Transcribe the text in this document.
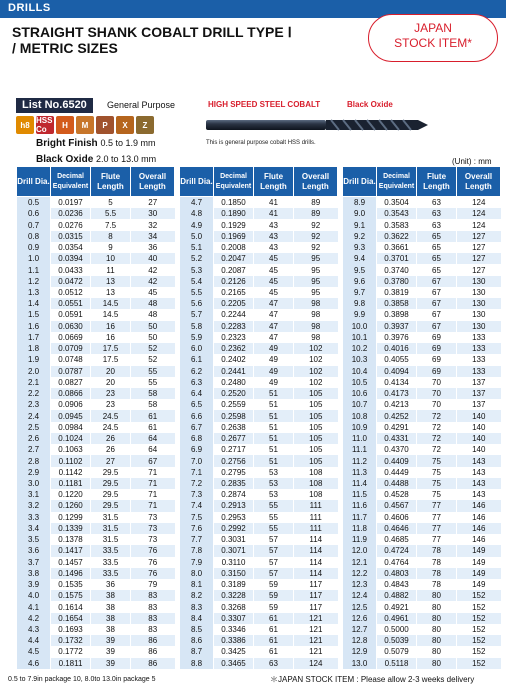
DRILLS
STRAIGHT SHANK COBALT DRILL TYPE Ⅰ
/ METRIC SIZES
JAPAN
STOCK ITEM*
List No.6520	General Purpose
h8 HSS Co	H	M	P	X	Z
Bright Finish 0.5 to 1.9 mm
Black Oxide 2.0 to 13.0 mm
HIGH SPEED STEEL COBALT	Black Oxide
This is general purpose cobalt HSS drills.
(Unit) : mm
Drill Dia.	Decimal Equivalent	Flute Length	Overall Length
0.5	0.0197	5	27
0.6	0.0236	5.5	30
0.7	0.0276	7.5	32
0.8	0.0315	8	34
0.9	0.0354	9	36
1.0	0.0394	10	40
1.1	0.0433	11	42
1.2	0.0472	13	42
1.3	0.0512	13	45
1.4	0.0551	14.5	48
1.5	0.0591	14.5	48
1.6	0.0630	16	50
1.7	0.0669	16	50
1.8	0.0709	17.5	52
1.9	0.0748	17.5	52
2.0	0.0787	20	55
2.1	0.0827	20	55
2.2	0.0866	23	58
2.3	0.0906	23	58
2.4	0.0945	24.5	61
2.5	0.0984	24.5	61
2.6	0.1024	26	64
2.7	0.1063	26	64
2.8	0.1102	27	67
2.9	0.1142	29.5	71
3.0	0.1181	29.5	71
3.1	0.1220	29.5	71
3.2	0.1260	29.5	71
3.3	0.1299	31.5	73
3.4	0.1339	31.5	73
3.5	0.1378	31.5	73
3.6	0.1417	33.5	76
3.7	0.1457	33.5	76
3.8	0.1496	33.5	76
3.9	0.1535	36	79
4.0	0.1575	38	83
4.1	0.1614	38	83
4.2	0.1654	38	83
4.3	0.1693	38	83
4.4	0.1732	39	86
4.5	0.1772	39	86
4.6	0.1811	39	86
Drill Dia.	Decimal Equivalent	Flute Length	Overall Length
4.7	0.1850	41	89
4.8	0.1890	41	89
4.9	0.1929	43	92
5.0	0.1969	43	92
5.1	0.2008	43	92
5.2	0.2047	45	95
5.3	0.2087	45	95
5.4	0.2126	45	95
5.5	0.2165	45	95
5.6	0.2205	47	98
5.7	0.2244	47	98
5.8	0.2283	47	98
5.9	0.2323	47	98
6.0	0.2362	49	102
6.1	0.2402	49	102
6.2	0.2441	49	102
6.3	0.2480	49	102
6.4	0.2520	51	105
6.5	0.2559	51	105
6.6	0.2598	51	105
6.7	0.2638	51	105
6.8	0.2677	51	105
6.9	0.2717	51	105
7.0	0.2756	51	105
7.1	0.2795	53	108
7.2	0.2835	53	108
7.3	0.2874	53	108
7.4	0.2913	55	111
7.5	0.2953	55	111
7.6	0.2992	55	111
7.7	0.3031	57	114
7.8	0.3071	57	114
7.9	0.3110	57	114
8.0	0.3150	57	114
8.1	0.3189	59	117
8.2	0.3228	59	117
8.3	0.3268	59	117
8.4	0.3307	61	121
8.5	0.3346	61	121
8.6	0.3386	61	121
8.7	0.3425	61	121
8.8	0.3465	63	124
Drill Dia.	Decimal Equivalent	Flute Length	Overall Length
8.9	0.3504	63	124
9.0	0.3543	63	124
9.1	0.3583	63	124
9.2	0.3622	65	127
9.3	0.3661	65	127
9.4	0.3701	65	127
9.5	0.3740	65	127
9.6	0.3780	67	130
9.7	0.3819	67	130
9.8	0.3858	67	130
9.9	0.3898	67	130
10.0	0.3937	67	130
10.1	0.3976	69	133
10.2	0.4016	69	133
10.3	0.4055	69	133
10.4	0.4094	69	133
10.5	0.4134	70	137
10.6	0.4173	70	137
10.7	0.4213	70	137
10.8	0.4252	72	140
10.9	0.4291	72	140
11.0	0.4331	72	140
11.1	0.4370	72	140
11.2	0.4409	75	143
11.3	0.4449	75	143
11.4	0.4488	75	143
11.5	0.4528	75	143
11.6	0.4567	77	146
11.7	0.4606	77	146
11.8	0.4646	77	146
11.9	0.4685	77	146
12.0	0.4724	78	149
12.1	0.4764	78	149
12.2	0.4803	78	149
12.3	0.4843	78	149
12.4	0.4882	80	152
12.5	0.4921	80	152
12.6	0.4961	80	152
12.7	0.5000	80	152
12.8	0.5039	80	152
12.9	0.5079	80	152
13.0	0.5118	80	152
0.5 to 7.9in package 10, 8.0to 13.0in package 5	＊JAPAN STOCK ITEM : Please allow 2-3 weeks delivery
